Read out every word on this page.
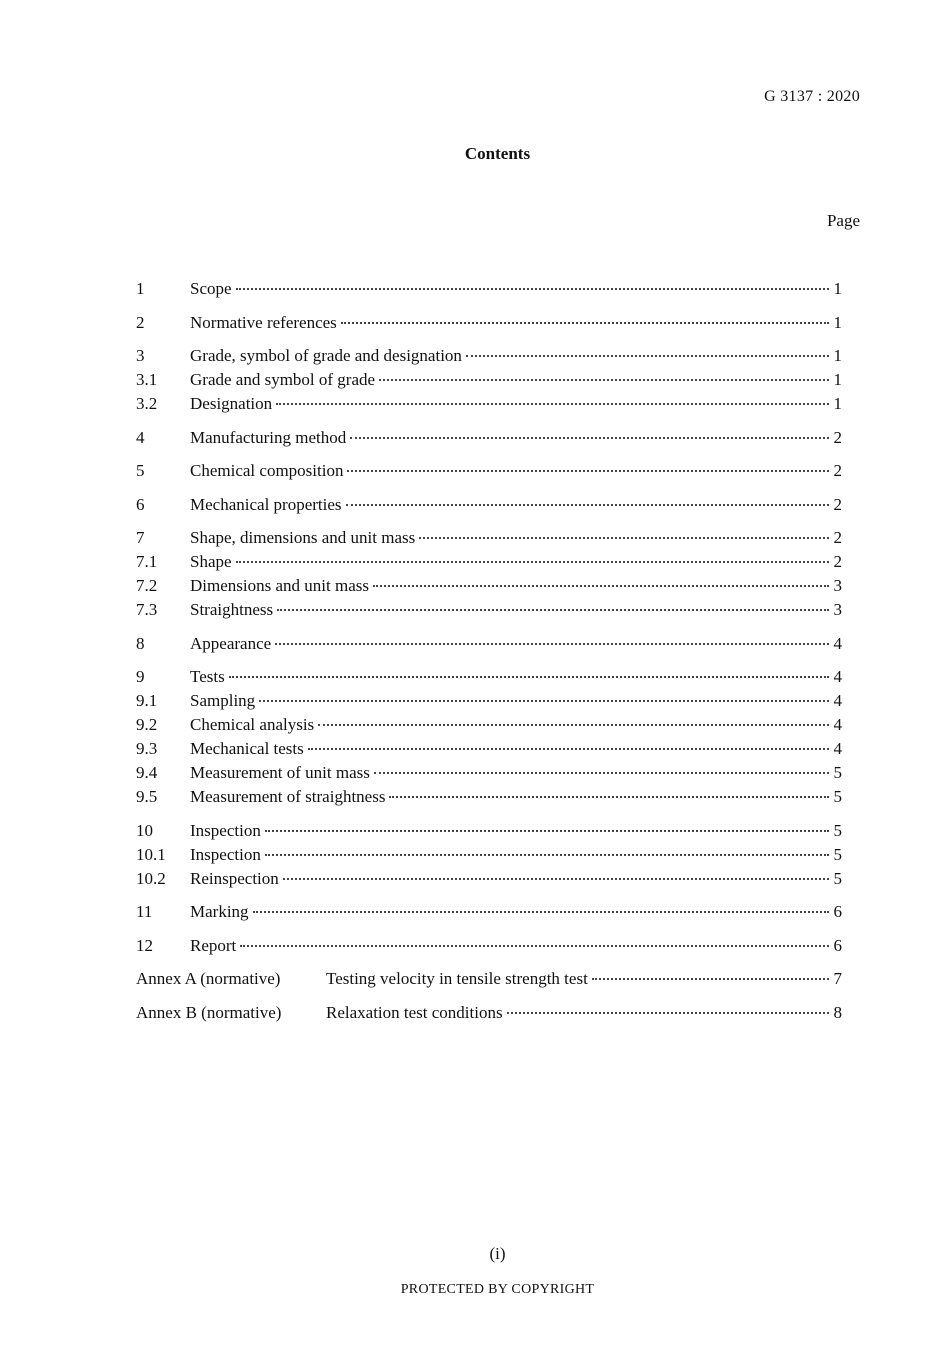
G 3137 : 2020
Contents
Page
1	Scope	1
2	Normative references	1
3	Grade, symbol of grade and designation	1
3.1	Grade and symbol of grade	1
3.2	Designation	1
4	Manufacturing method	2
5	Chemical composition	2
6	Mechanical properties	2
7	Shape, dimensions and unit mass	2
7.1	Shape	2
7.2	Dimensions and unit mass	3
7.3	Straightness	3
8	Appearance	4
9	Tests	4
9.1	Sampling	4
9.2	Chemical analysis	4
9.3	Mechanical tests	4
9.4	Measurement of unit mass	5
9.5	Measurement of straightness	5
10	Inspection	5
10.1	Inspection	5
10.2	Reinspection	5
11	Marking	6
12	Report	6
Annex A (normative)	Testing velocity in tensile strength test	7
Annex B (normative)	Relaxation test conditions	8
(i)
PROTECTED BY COPYRIGHT
